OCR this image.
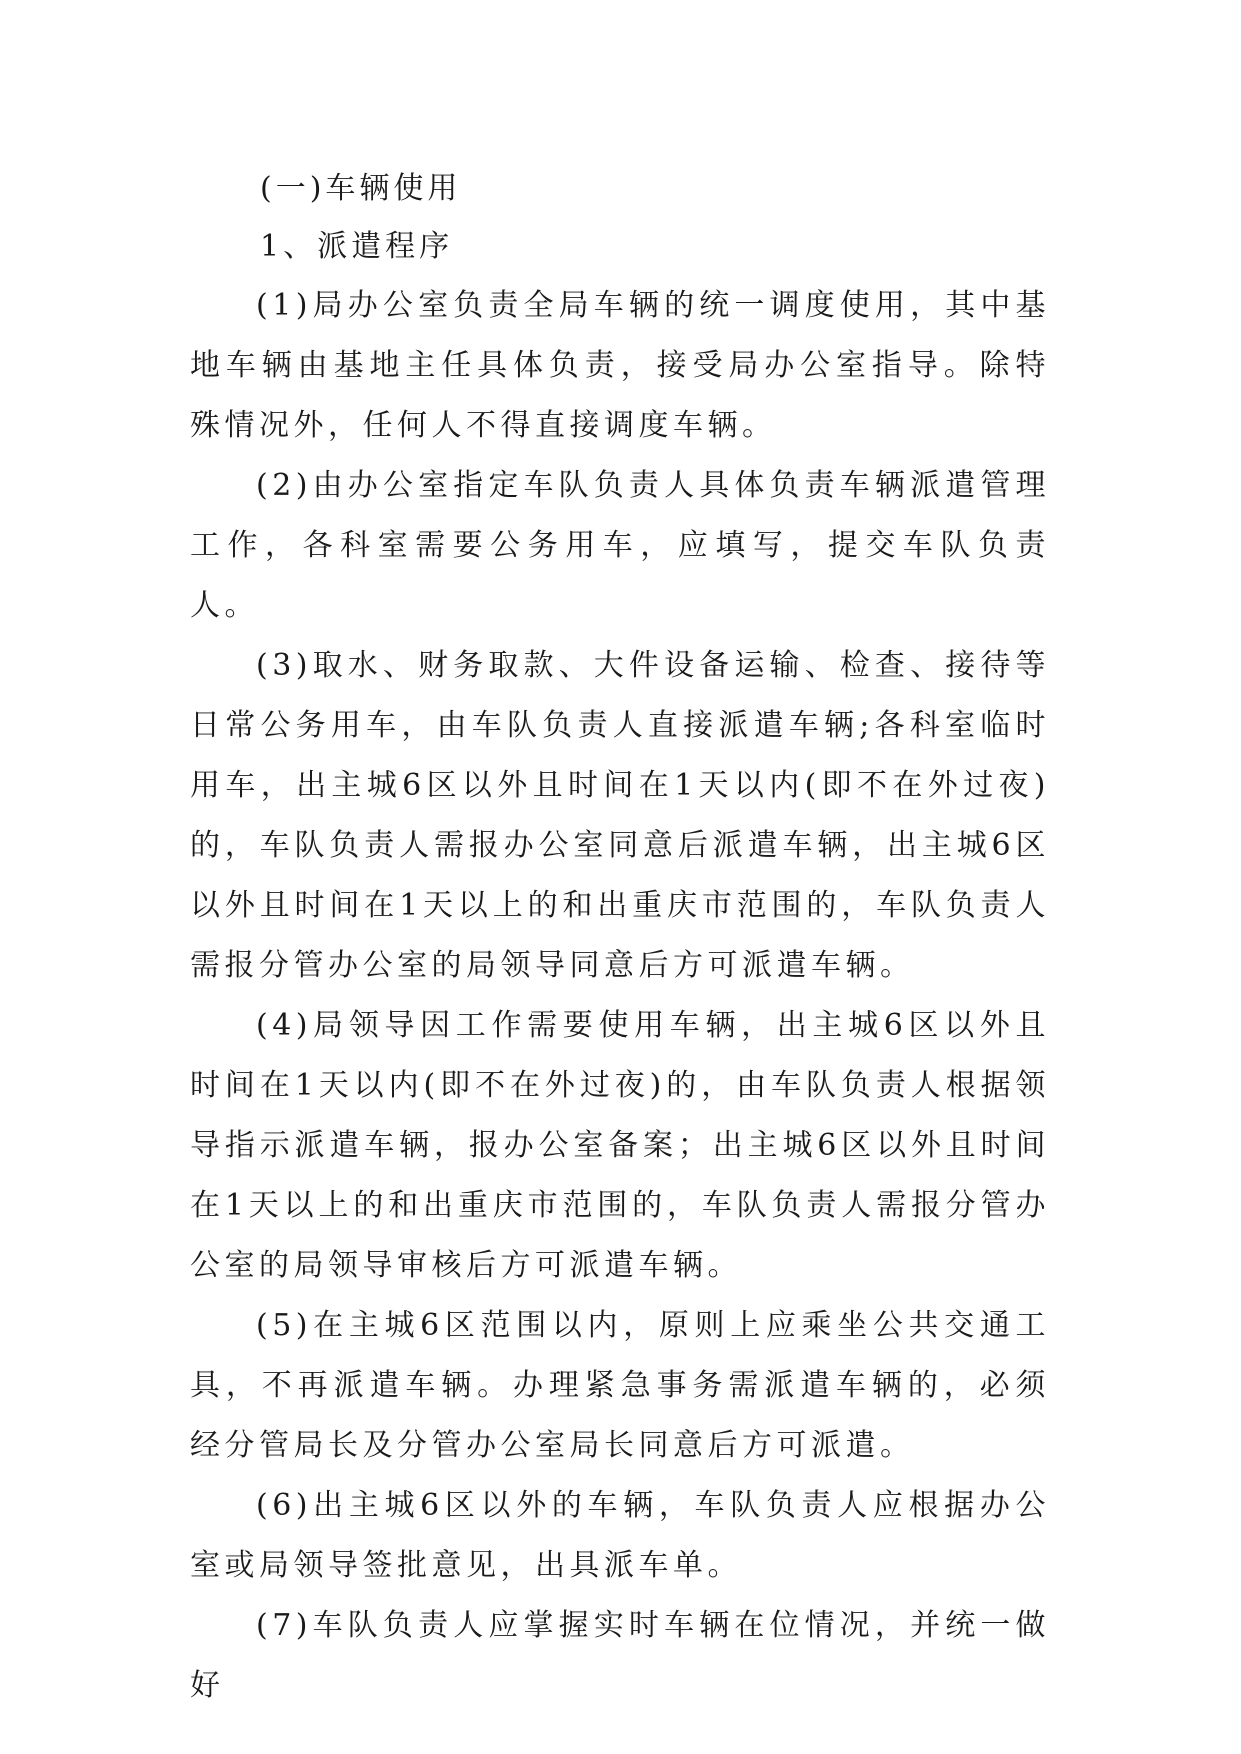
(一)车辆使用

1、派遣程序

(1)局办公室负责全局车辆的统一调度使用，其中基地车辆由基地主任具体负责，接受局办公室指导。除特殊情况外，任何人不得直接调度车辆。

(2)由办公室指定车队负责人具体负责车辆派遣管理工作，各科室需要公务用车，应填写，提交车队负责人。

(3)取水、财务取款、大件设备运输、检查、接待等日常公务用车，由车队负责人直接派遣车辆;各科室临时用车，出主城6区以外且时间在1天以内(即不在外过夜)的，车队负责人需报办公室同意后派遣车辆，出主城6区以外且时间在1天以上的和出重庆市范围的，车队负责人需报分管办公室的局领导同意后方可派遣车辆。

(4)局领导因工作需要使用车辆，出主城6区以外且时间在1天以内(即不在外过夜)的，由车队负责人根据领导指示派遣车辆，报办公室备案；出主城6区以外且时间在1天以上的和出重庆市范围的，车队负责人需报分管办公室的局领导审核后方可派遣车辆。

(5)在主城6区范围以内，原则上应乘坐公共交通工具，不再派遣车辆。办理紧急事务需派遣车辆的，必须经分管局长及分管办公室局长同意后方可派遣。

(6)出主城6区以外的车辆，车队负责人应根据办公室或局领导签批意见，出具派车单。

(7)车队负责人应掌握实时车辆在位情况，并统一做好
